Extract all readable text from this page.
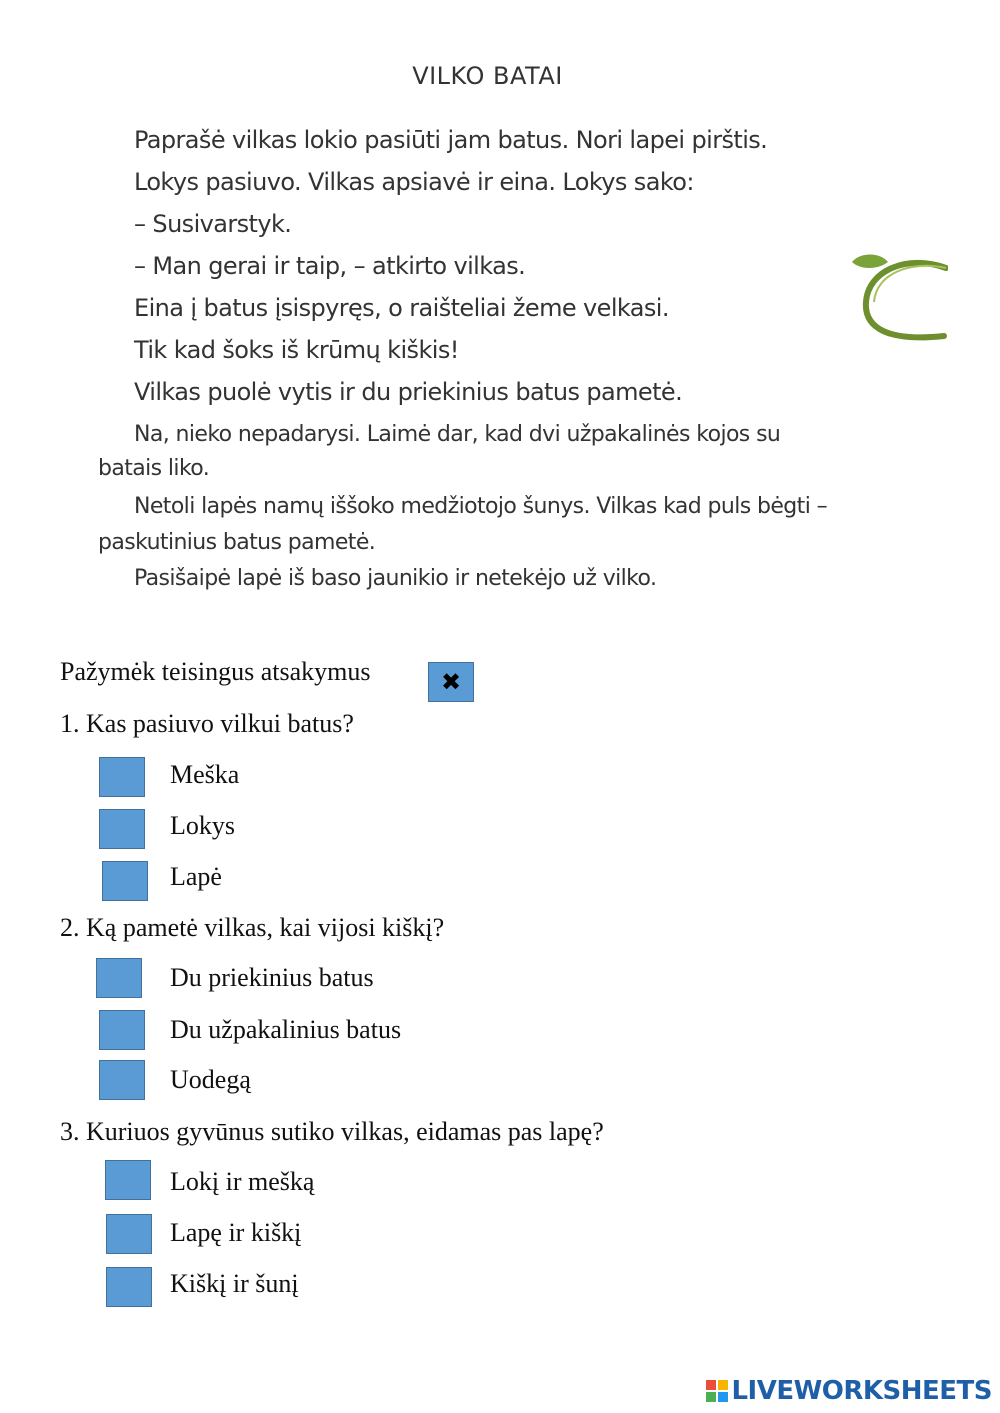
VILKO BATAI
Paprašė vilkas lokio pasiūti jam batus. Nori lapei pirštis.
Lokys pasiuvo. Vilkas apsiavė ir eina. Lokys sako:
– Susivarstyk.
– Man gerai ir taip, – atkirto vilkas.
Eina į batus įsispyręs, o raišteliai žeme velkasi.
Tik kad šoks iš krūmų kiškis!
Vilkas puolė vytis ir du priekinius batus pametė.
Na, nieko nepadarysi. Laimė dar, kad dvi užpakalinės kojos su
batais liko.
Netoli lapės namų iššoko medžiotojo šunys. Vilkas kad puls bėgti –
paskutinius batus pametė.
Pasišaipė lapė iš baso jaunikio ir netekėjo už vilko.
Pažymėk teisingus atsakymus	✖
1. Kas pasiuvo vilkui batus?
Meška
Lokys
Lapė
2. Ką pametė vilkas, kai vijosi kiškį?
Du priekinius batus
Du užpakalinius batus
Uodegą
3. Kuriuos gyvūnus sutiko vilkas, eidamas pas lapę?
Lokį ir mešką
Lapę ir kiškį
Kiškį ir šunį
LIVEWORKSHEETS
